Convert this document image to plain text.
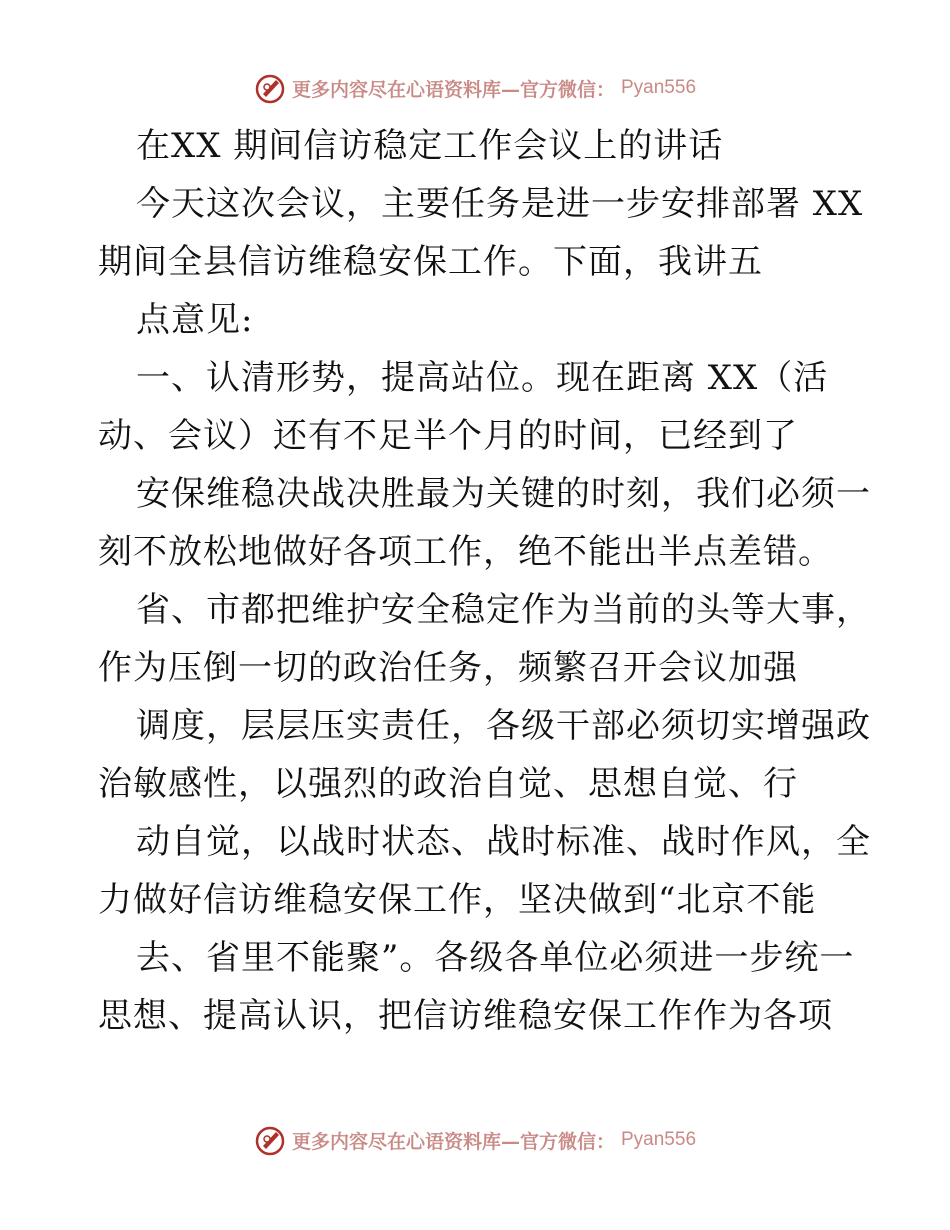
更多内容尽在心语资料库—官方微信： Pyan556
在XX 期间信访稳定工作会议上的讲话
今天这次会议，主要任务是进一步安排部署 XX
期间全县信访维稳安保工作。下面，我讲五
点意见:
一、认清形势，提高站位。现在距离 XX（活
动、会议）还有不足半个月的时间，已经到了
安保维稳决战决胜最为关键的时刻，我们必须一
刻不放松地做好各项工作，绝不能出半点差错。
省、市都把维护安全稳定作为当前的头等大事，
作为压倒一切的政治任务，频繁召开会议加强
调度，层层压实责任，各级干部必须切实增强政
治敏感性，以强烈的政治自觉、思想自觉、行
动自觉，以战时状态、战时标准、战时作风，全
力做好信访维稳安保工作，坚决做到“北京不能
去、省里不能聚”。各级各单位必须进一步统一
思想、提高认识，把信访维稳安保工作作为各项
更多内容尽在心语资料库—官方微信： Pyan556
